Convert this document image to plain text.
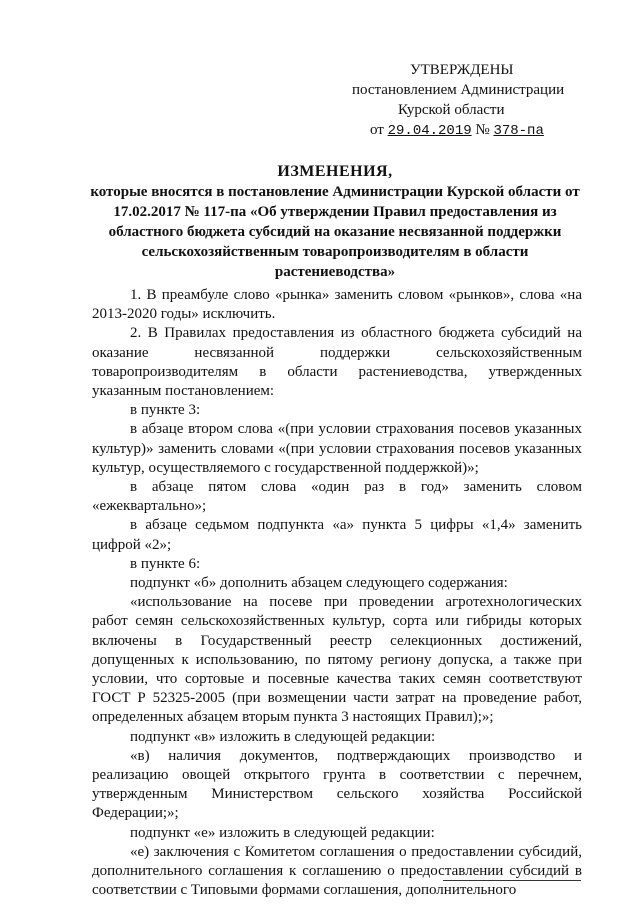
УТВЕРЖДЕНЫ
постановлением Администрации
Курской области
от 29.04.2019 № 378-па
ИЗМЕНЕНИЯ,
которые вносятся в постановление Администрации Курской области от 17.02.2017 № 117-па «Об утверждении Правил предоставления из областного бюджета субсидий на оказание несвязанной поддержки сельскохозяйственным товаропроизводителям в области растениеводства»

1. В преамбуле слово «рынка» заменить словом «рынков», слова «на 2013-2020 годы» исключить.

2. В Правилах предоставления из областного бюджета субсидий на оказание несвязанной поддержки сельскохозяйственным товаропроизводителям в области растениеводства, утвержденных указанным постановлением:

в пункте 3:

в абзаце втором слова «(при условии страхования посевов указанных культур)» заменить словами «(при условии страхования посевов указанных культур, осуществляемого с государственной поддержкой)»;

в абзаце пятом слова «один раз в год» заменить словом «ежеквартально»;

в абзаце седьмом подпункта «а» пункта 5 цифры «1,4» заменить цифрой «2»;

в пункте 6:

подпункт «б» дополнить абзацем следующего содержания:

«использование на посеве при проведении агротехнологических работ семян сельскохозяйственных культур, сорта или гибриды которых включены в Государственный реестр селекционных достижений, допущенных к использованию, по пятому региону допуска, а также при условии, что сортовые и посевные качества таких семян соответствуют ГОСТ Р 52325-2005 (при возмещении части затрат на проведение работ, определенных абзацем вторым пункта 3 настоящих Правил);»;

подпункт «в» изложить в следующей редакции:

«в) наличия документов, подтверждающих производство и реализацию овощей открытого грунта в соответствии с перечнем, утвержденным Министерством сельского хозяйства Российской Федерации;»;

подпункт «е» изложить в следующей редакции:

«е) заключения с Комитетом соглашения о предоставлении субсидий, дополнительного соглашения к соглашению о предоставлении субсидий в соответствии с Типовыми формами соглашения, дополнительного
